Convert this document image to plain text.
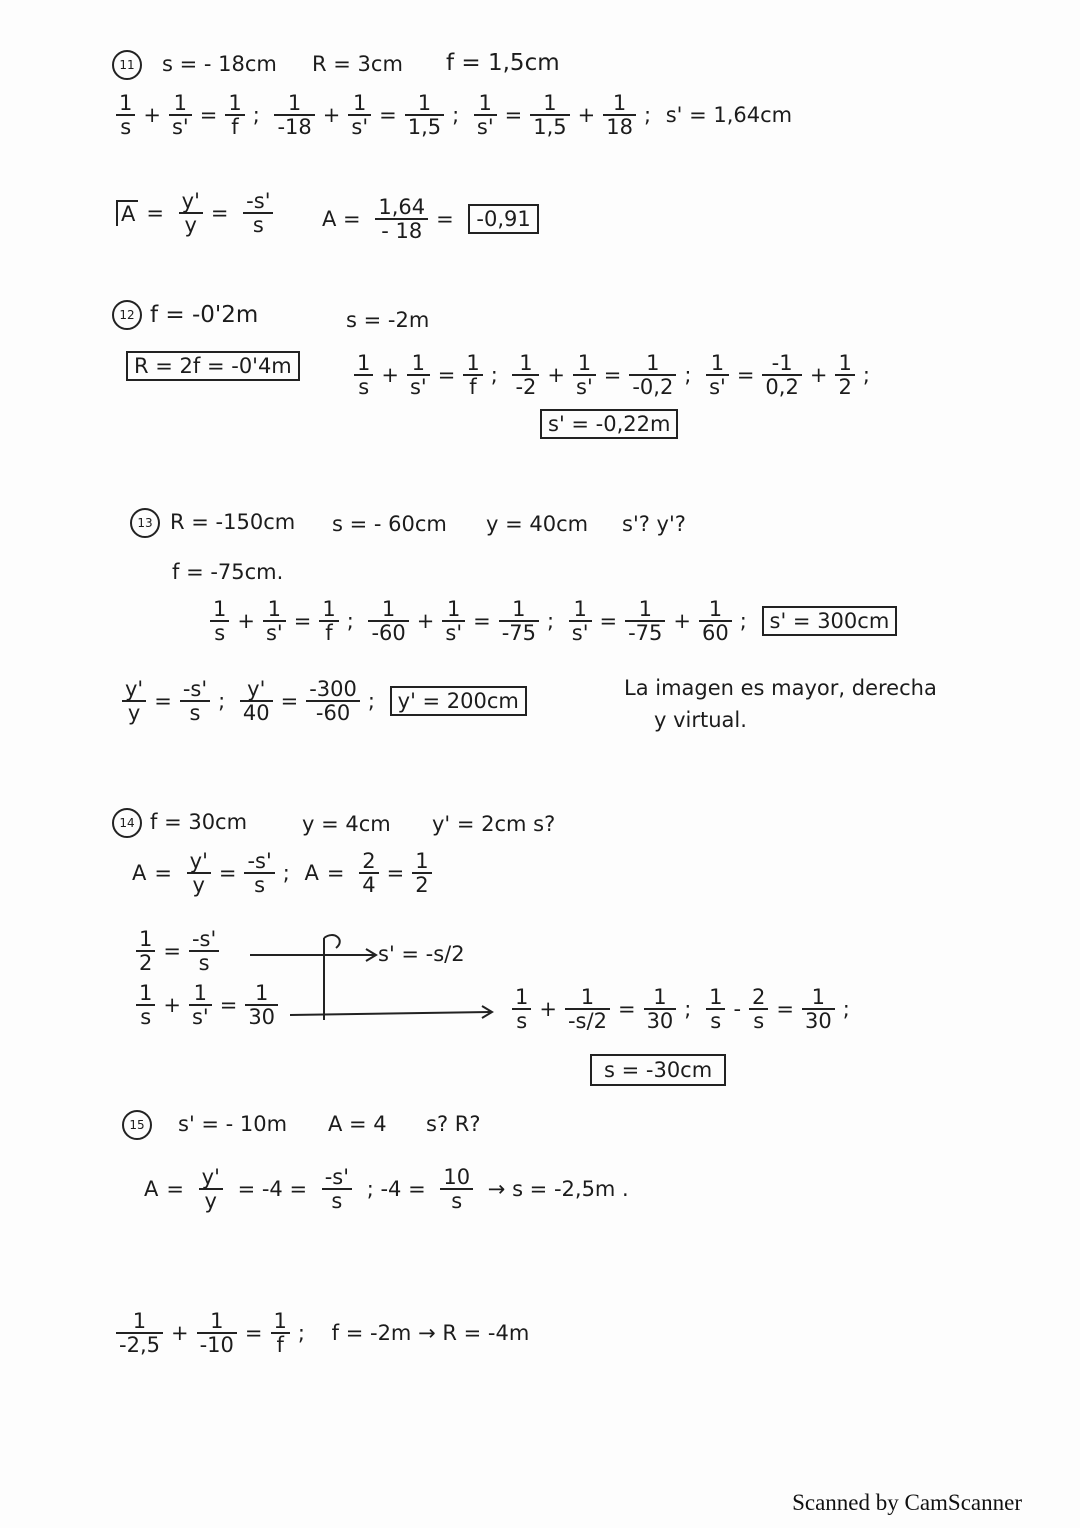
11	s = - 18cm R = 3cm f = 1,5cm
$\frac{1}{s} + \frac{1}{s'} = \frac{1}{f}$ ; $\frac{1}{-18} + \frac{1}{s'} = \frac{1}{1,5}$ ; $\frac{1}{s'} = \frac{1}{1,5} + \frac{1}{18}$ ; s' = 1,64cm
$A = \frac{y'}{y} = \frac{-s'}{s}$ $A = \frac{1,64}{- 18} = -0,91$
12 f = -0'2m	s = -2m
R = 2f = -0'4m	$\frac{1}{s} + \frac{1}{s'} = \frac{1}{f}$ ; $\frac{1}{-2} + \frac{1}{s'} = \frac{1}{-0,2}$ ; $\frac{1}{s'} = \frac{-1}{0,2} + \frac{1}{2}$ ;
s' = -0,22m
13 R = -150cm s = - 60cm y = 40cm s'? y'?
f = -75cm.
$\frac{1}{s} + \frac{1}{s'} = \frac{1}{f}$ ; $\frac{1}{-60} + \frac{1}{s'} = \frac{1}{-75}$ ; $\frac{1}{s'} = \frac{1}{-75} + \frac{1}{60}$ ; s' = 300cm
$\frac{y'}{y} = \frac{-s'}{s}$ ; $\frac{y'}{40} = \frac{-300}{-60}$ ; y' = 200cm
La imagen es mayor, derecha
y virtual.
14 f = 30cm	y = 4cm y' = 2cm s?
$A = \frac{y'}{y} = \frac{-s'}{s}$ ; $A = \frac{2}{4} = \frac{1}{2}$
$\frac{1}{2} = \frac{-s'}{s}$
$\frac{1}{s} + \frac{1}{s'} = \frac{1}{30}$
s' = -s/2
$\frac{1}{s} + \frac{1}{-s/2} = \frac{1}{30}$ ; $\frac{1}{s} - \frac{2}{s} = \frac{1}{30}$ ;
s = -30cm
15	s' = - 10m A = 4 s? R?
$A = \frac{y'}{y} = -4 = \frac{-s'}{s}$ ; $-4 = \frac{10}{s} \to s = -2,5m$ .
$\frac{1}{-2,5} + \frac{1}{-10} = \frac{1}{f}$ ; f = -2m → R = -4m
Scanned by CamScanner
